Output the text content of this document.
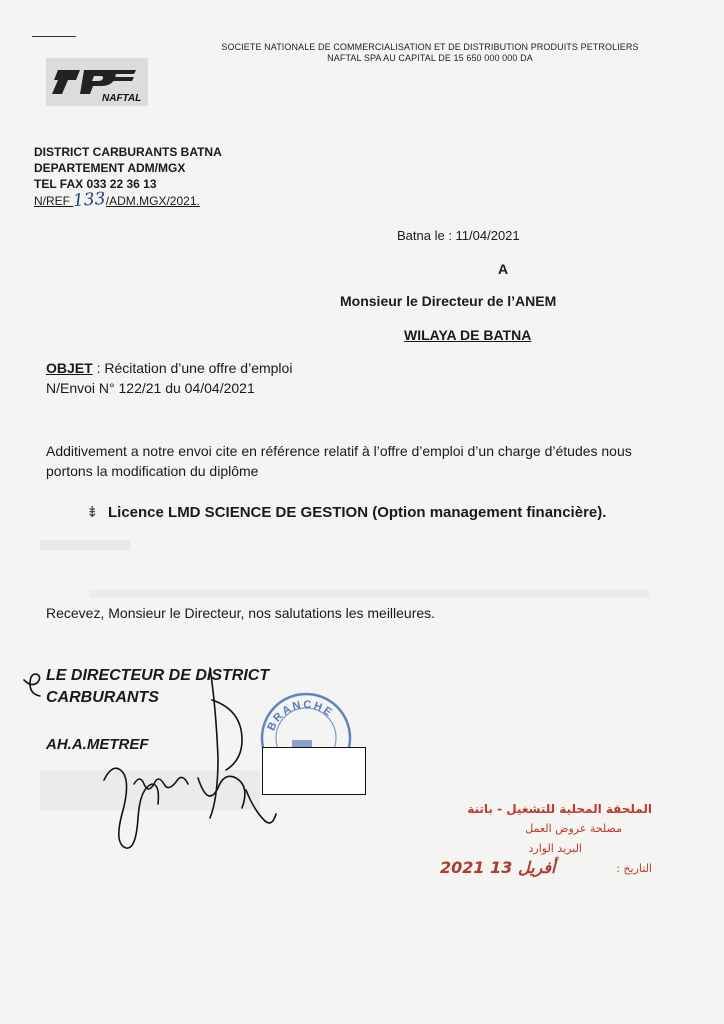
SOCIETE NATIONALE DE COMMERCIALISATION ET DE DISTRIBUTION PRODUITS PETROLIERS
NAFTAL SPA AU CAPITAL DE 15 650 000 000 DA
NAFTAL
DISTRICT CARBURANTS BATNA
DEPARTEMENT ADM/MGX
TEL FAX 033 22 36 13
N/REF 133/ADM.MGX/2021.
Batna le : 11/04/2021
A
Monsieur le Directeur de l’ANEM
WILAYA DE BATNA
OBJET : Récitation d’une offre d’emploi
N/Envoi N° 122/21 du 04/04/2021
Additivement a notre envoi cite en référence relatif à l’offre d’emploi d’un charge d’études nous portons la modification du diplôme
⇟ Licence LMD SCIENCE DE GESTION (Option management financière).
Recevez, Monsieur le Directeur, nos salutations les meilleures.
BRANCHE
LE DIRECTEUR DE DISTRICT
CARBURANTS
AH.A.METREF
الملحقة المحلية للتشغيل - باتنة
مصلحة عروض العمل
البريد الوارد
التاريخ :
2021 أفريل 13
